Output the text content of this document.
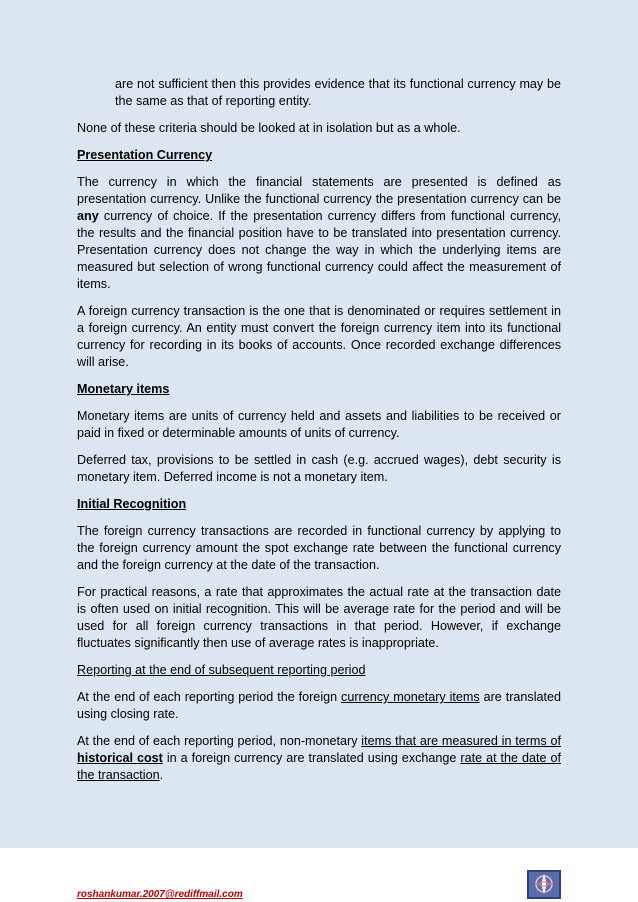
are not sufficient then this provides evidence that its functional currency may be the same as that of reporting entity.

None of these criteria should be looked at in isolation but as a whole.

Presentation Currency

The currency in which the financial statements are presented is defined as presentation currency. Unlike the functional currency the presentation currency can be any currency of choice. If the presentation currency differs from functional currency, the results and the financial position have to be translated into presentation currency. Presentation currency does not change the way in which the underlying items are measured but selection of wrong functional currency could affect the measurement of items.

A foreign currency transaction is the one that is denominated or requires settlement in a foreign currency. An entity must convert the foreign currency item into its functional currency for recording in its books of accounts. Once recorded exchange differences will arise.

Monetary items

Monetary items are units of currency held and assets and liabilities to be received or paid in fixed or determinable amounts of units of currency.

Deferred tax, provisions to be settled in cash (e.g. accrued wages), debt security is monetary item. Deferred income is not a monetary item.

Initial Recognition

The foreign currency transactions are recorded in functional currency by applying to the foreign currency amount the spot exchange rate between the functional currency and the foreign currency at the date of the transaction.

For practical reasons, a rate that approximates the actual rate at the transaction date is often used on initial recognition. This will be average rate for the period and will be used for all foreign currency transactions in that period. However, if exchange fluctuates significantly then use of average rates is inappropriate.

Reporting at the end of subsequent reporting period

At the end of each reporting period the foreign currency monetary items are translated using closing rate.

At the end of each reporting period, non-monetary items that are measured in terms of historical cost in a foreign currency are translated using exchange rate at the date of the transaction.

roshankumar.2007@rediffmail.com
